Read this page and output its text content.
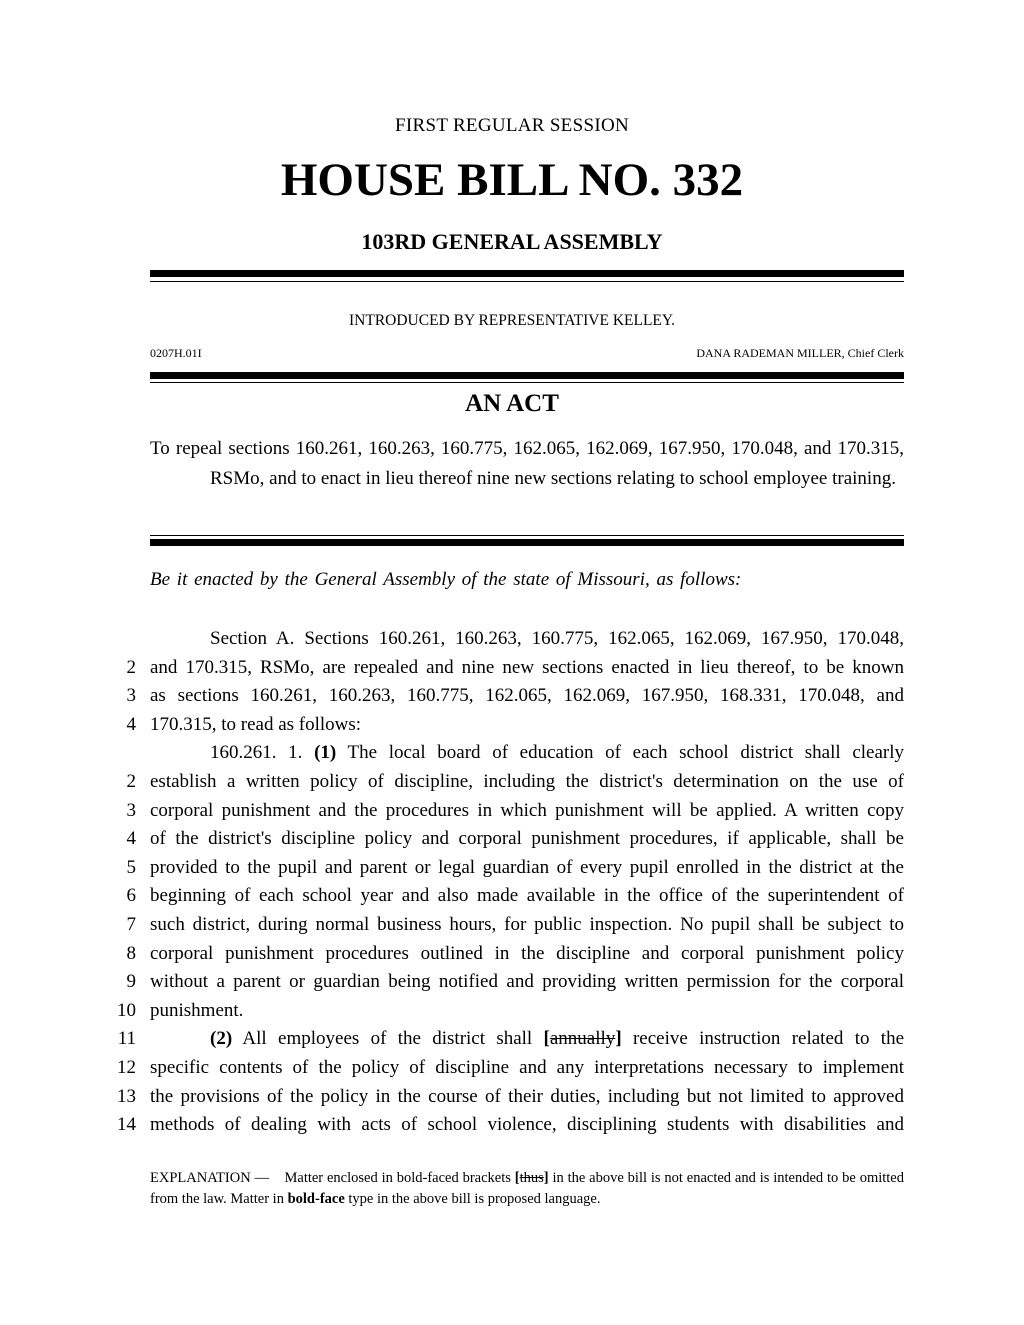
FIRST REGULAR SESSION
HOUSE BILL NO. 332
103RD GENERAL ASSEMBLY
INTRODUCED BY REPRESENTATIVE KELLEY.
0207H.01I	DANA RADEMAN MILLER, Chief Clerk
AN ACT
To repeal sections 160.261, 160.263, 160.775, 162.065, 162.069, 167.950, 170.048, and 170.315, RSMo, and to enact in lieu thereof nine new sections relating to school employee training.
Be it enacted by the General Assembly of the state of Missouri, as follows:
Section A. Sections 160.261, 160.263, 160.775, 162.065, 162.069, 167.950, 170.048,
2 and 170.315, RSMo, are repealed and nine new sections enacted in lieu thereof, to be known
3 as sections 160.261, 160.263, 160.775, 162.065, 162.069, 167.950, 168.331, 170.048, and
4 170.315, to read as follows:
160.261. 1. (1) The local board of education of each school district shall clearly
2 establish a written policy of discipline, including the district's determination on the use of
3 corporal punishment and the procedures in which punishment will be applied. A written copy
4 of the district's discipline policy and corporal punishment procedures, if applicable, shall be
5 provided to the pupil and parent or legal guardian of every pupil enrolled in the district at the
6 beginning of each school year and also made available in the office of the superintendent of
7 such district, during normal business hours, for public inspection. No pupil shall be subject to
8 corporal punishment procedures outlined in the discipline and corporal punishment policy
9 without a parent or guardian being notified and providing written permission for the corporal
10 punishment.
11	(2) All employees of the district shall [annually] receive instruction related to the
12 specific contents of the policy of discipline and any interpretations necessary to implement
13 the provisions of the policy in the course of their duties, including but not limited to approved
14 methods of dealing with acts of school violence, disciplining students with disabilities and
EXPLANATION — Matter enclosed in bold-faced brackets [thus] in the above bill is not enacted and is intended to be omitted from the law. Matter in bold-face type in the above bill is proposed language.
